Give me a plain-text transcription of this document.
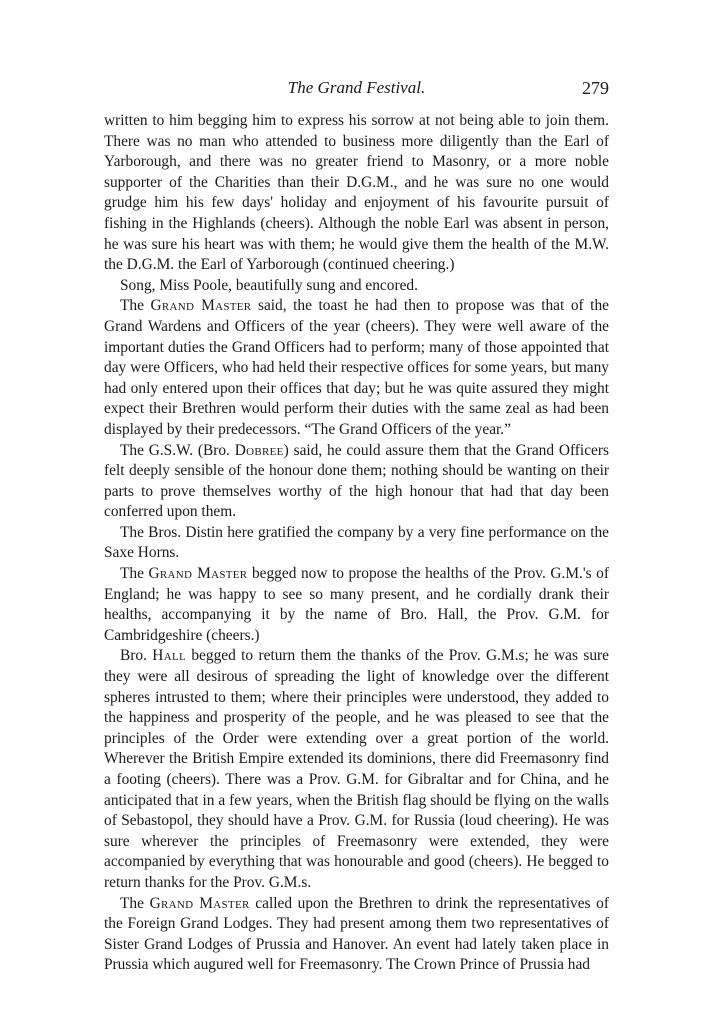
The Grand Festival.	279

written to him begging him to express his sorrow at not being able to join them. There was no man who attended to business more diligently than the Earl of Yarborough, and there was no greater friend to Masonry, or a more noble supporter of the Charities than their D.G.M., and he was sure no one would grudge him his few days' holiday and enjoyment of his favourite pursuit of fishing in the Highlands (cheers). Although the noble Earl was absent in person, he was sure his heart was with them; he would give them the health of the M.W. the D.G.M. the Earl of Yarborough (continued cheering.)

Song, Miss Poole, beautifully sung and encored.

The Grand Master said, the toast he had then to propose was that of the Grand Wardens and Officers of the year (cheers). They were well aware of the important duties the Grand Officers had to perform; many of those appointed that day were Officers, who had held their respective offices for some years, but many had only entered upon their offices that day; but he was quite assured they might expect their Brethren would perform their duties with the same zeal as had been displayed by their predecessors. “The Grand Officers of the year.”

The G.S.W. (Bro. Dobree) said, he could assure them that the Grand Officers felt deeply sensible of the honour done them; nothing should be wanting on their parts to prove themselves worthy of the high honour that had that day been conferred upon them.

The Bros. Distin here gratified the company by a very fine performance on the Saxe Horns.

The Grand Master begged now to propose the healths of the Prov. G.M.'s of England; he was happy to see so many present, and he cordially drank their healths, accompanying it by the name of Bro. Hall, the Prov. G.M. for Cambridgeshire (cheers.)

Bro. Hall begged to return them the thanks of the Prov. G.M.s; he was sure they were all desirous of spreading the light of knowledge over the different spheres intrusted to them; where their principles were understood, they added to the happiness and prosperity of the people, and he was pleased to see that the principles of the Order were extending over a great portion of the world. Wherever the British Empire extended its dominions, there did Freemasonry find a footing (cheers). There was a Prov. G.M. for Gibraltar and for China, and he anticipated that in a few years, when the British flag should be flying on the walls of Sebastopol, they should have a Prov. G.M. for Russia (loud cheering). He was sure wherever the principles of Freemasonry were extended, they were accompanied by everything that was honourable and good (cheers). He begged to return thanks for the Prov. G.M.s.

The Grand Master called upon the Brethren to drink the representatives of the Foreign Grand Lodges. They had present among them two representatives of Sister Grand Lodges of Prussia and Hanover. An event had lately taken place in Prussia which augured well for Freemasonry. The Crown Prince of Prussia had
